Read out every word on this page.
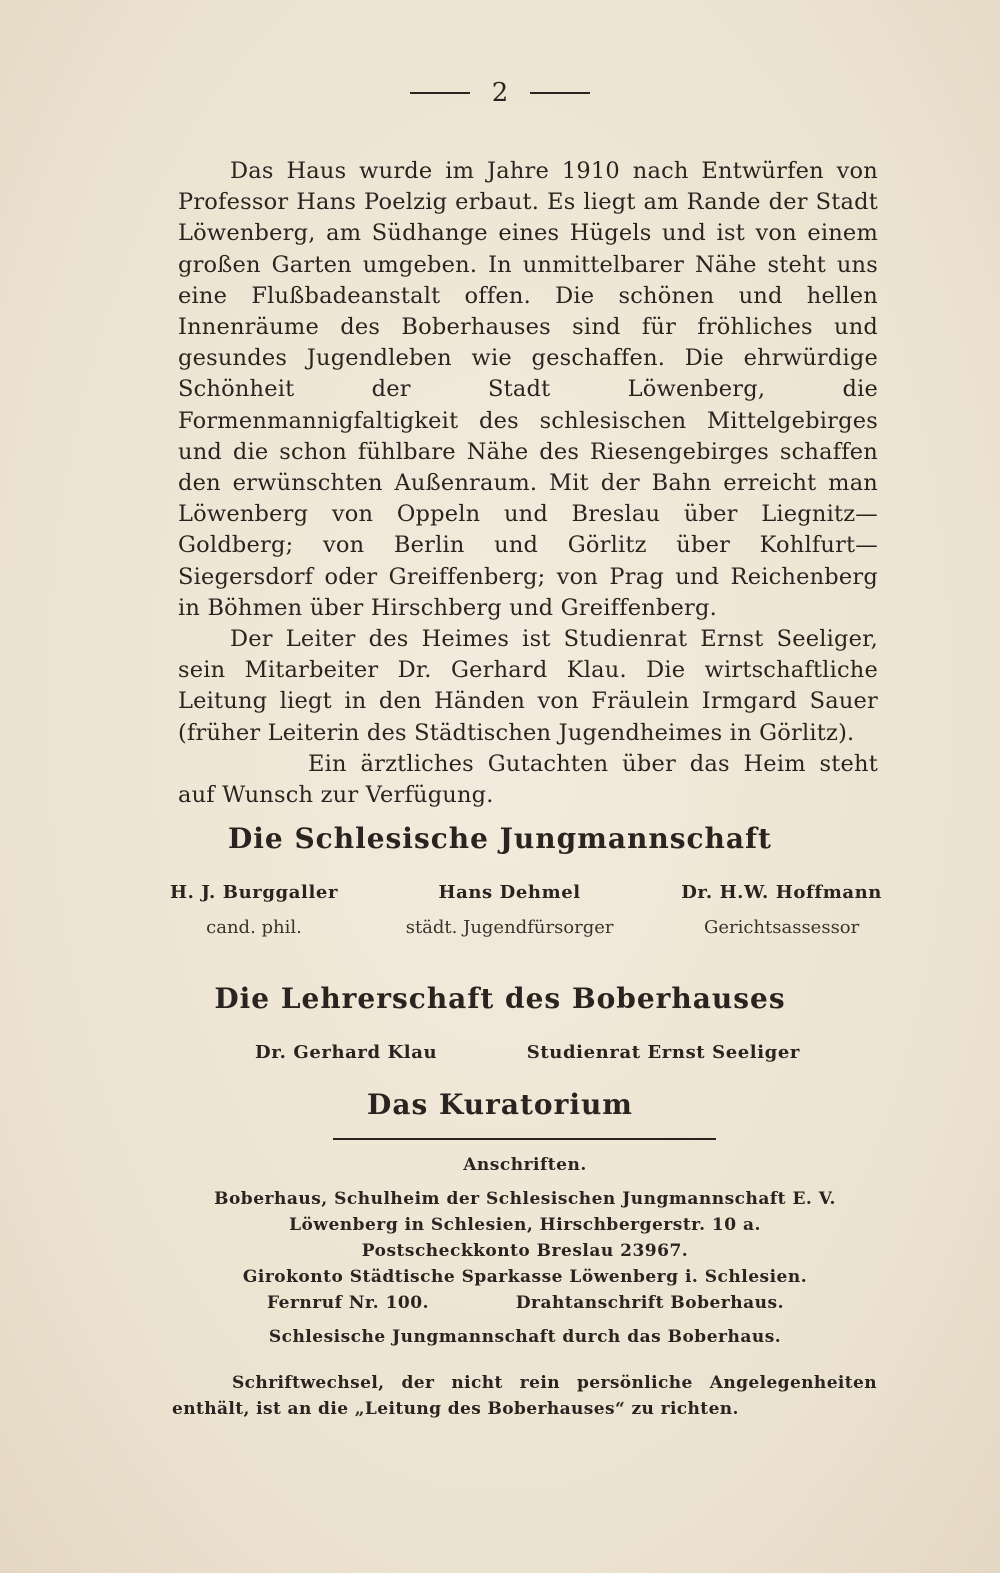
2

Das Haus wurde im Jahre 1910 nach Entwürfen von Professor Hans Poelzig erbaut. Es liegt am Rande der Stadt Löwenberg, am Südhange eines Hügels und ist von einem großen Garten umgeben. In unmittelbarer Nähe steht uns eine Flußbadeanstalt offen. Die schönen und hellen Innenräume des Boberhauses sind für fröhliches und gesundes Jugendleben wie geschaffen. Die ehrwürdige Schönheit der Stadt Löwenberg, die Formenmannigfaltigkeit des schlesischen Mittelgebirges und die schon fühlbare Nähe des Riesengebirges schaffen den erwünschten Außenraum. Mit der Bahn erreicht man Löwenberg von Oppeln und Breslau über Liegnitz—Goldberg; von Berlin und Görlitz über Kohlfurt—Siegersdorf oder Greiffenberg; von Prag und Reichenberg in Böhmen über Hirschberg und Greiffenberg.

Der Leiter des Heimes ist Studienrat Ernst Seeliger, sein Mitarbeiter Dr. Gerhard Klau. Die wirtschaftliche Leitung liegt in den Händen von Fräulein Irmgard Sauer (früher Leiterin des Städtischen Jugendheimes in Görlitz).

Ein ärztliches Gutachten über das Heim steht auf Wunsch zur Verfügung.

Die Schlesische Jungmannschaft
H. J. Burggaller
cand. phil.
Hans Dehmel
städt. Jugendfürsorger
Dr. H.W. Hoffmann
Gerichtsassessor
Die Lehrerschaft des Boberhauses
Dr. Gerhard Klau	Studienrat Ernst Seeliger
Das Kuratorium
Anschriften.
Boberhaus, Schulheim der Schlesischen Jungmannschaft E. V.
Löwenberg in Schlesien, Hirschbergerstr. 10 a.
Postscheckkonto Breslau 23967.
Girokonto Städtische Sparkasse Löwenberg i. Schlesien.
Fernruf Nr. 100.	Drahtanschrift Boberhaus.
Schlesische Jungmannschaft durch das Boberhaus.

Schriftwechsel, der nicht rein persönliche Angelegenheiten enthält, ist an die „Leitung des Boberhauses“ zu richten.
